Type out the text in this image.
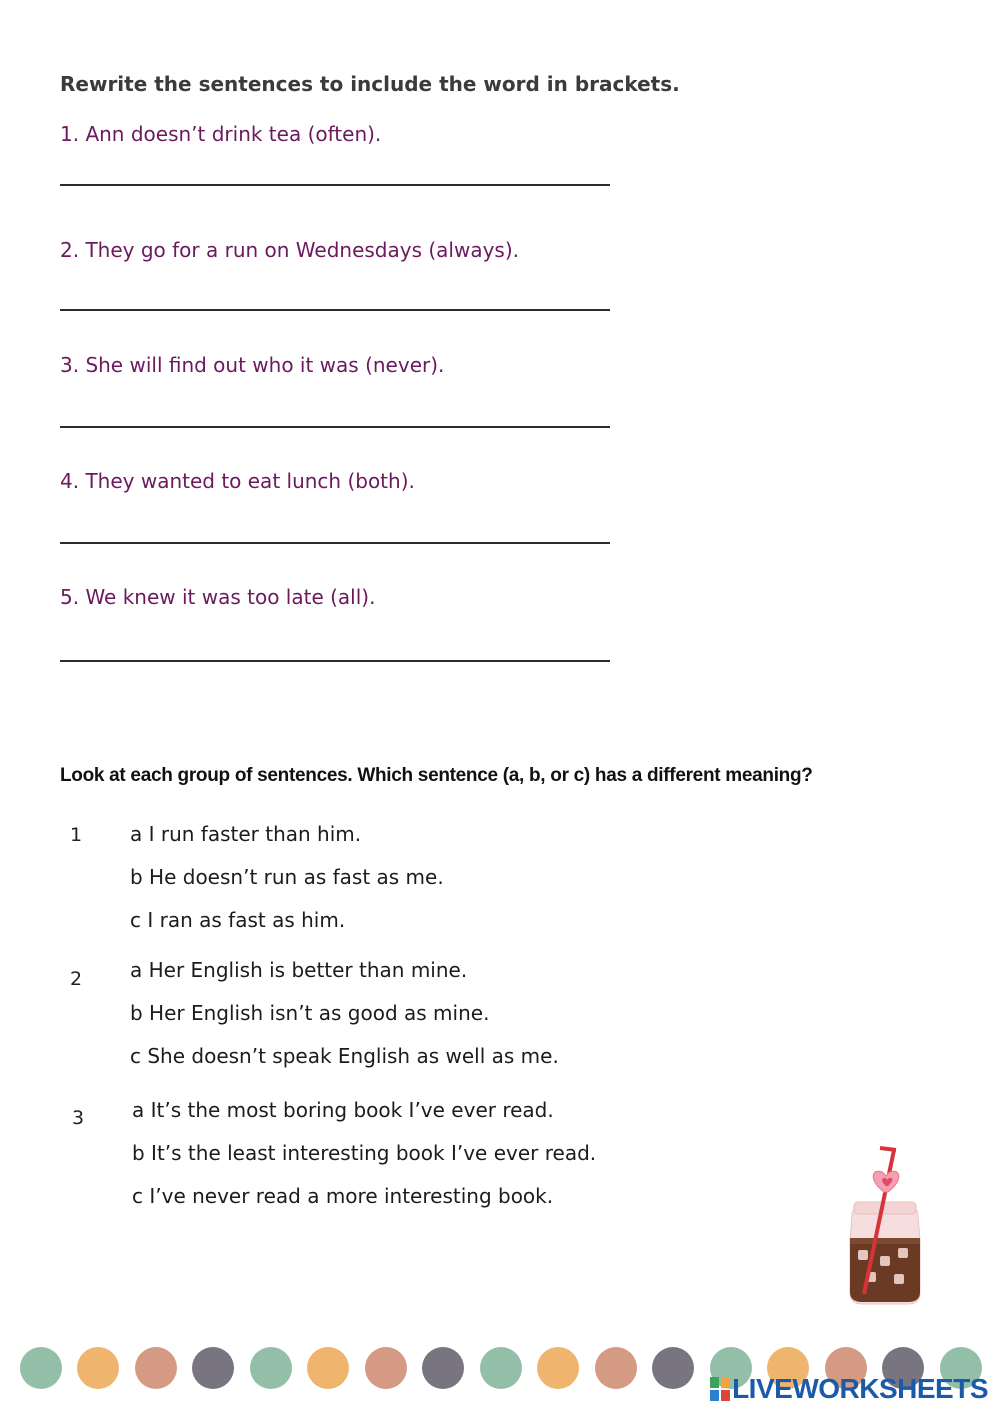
Rewrite the sentences to include the word in brackets.
1. Ann doesn’t drink tea (often).
2. They go for a run on Wednesdays (always).
3. She will find out who it was (never).
4. They wanted to eat lunch (both).
5. We knew it was too late (all).
Look at each group of sentences. Which sentence (a, b, or c) has a different meaning?
1 a I run faster than him.
b He doesn’t run as fast as me.
c I ran as fast as him.
2 a Her English is better than mine.
b Her English isn’t as good as mine.
c She doesn’t speak English as well as me.
3 a It’s the most boring book I’ve ever read.
b It’s the least interesting book I’ve ever read.
c I’ve never read a more interesting book.
LIVEWORKSHEETS
